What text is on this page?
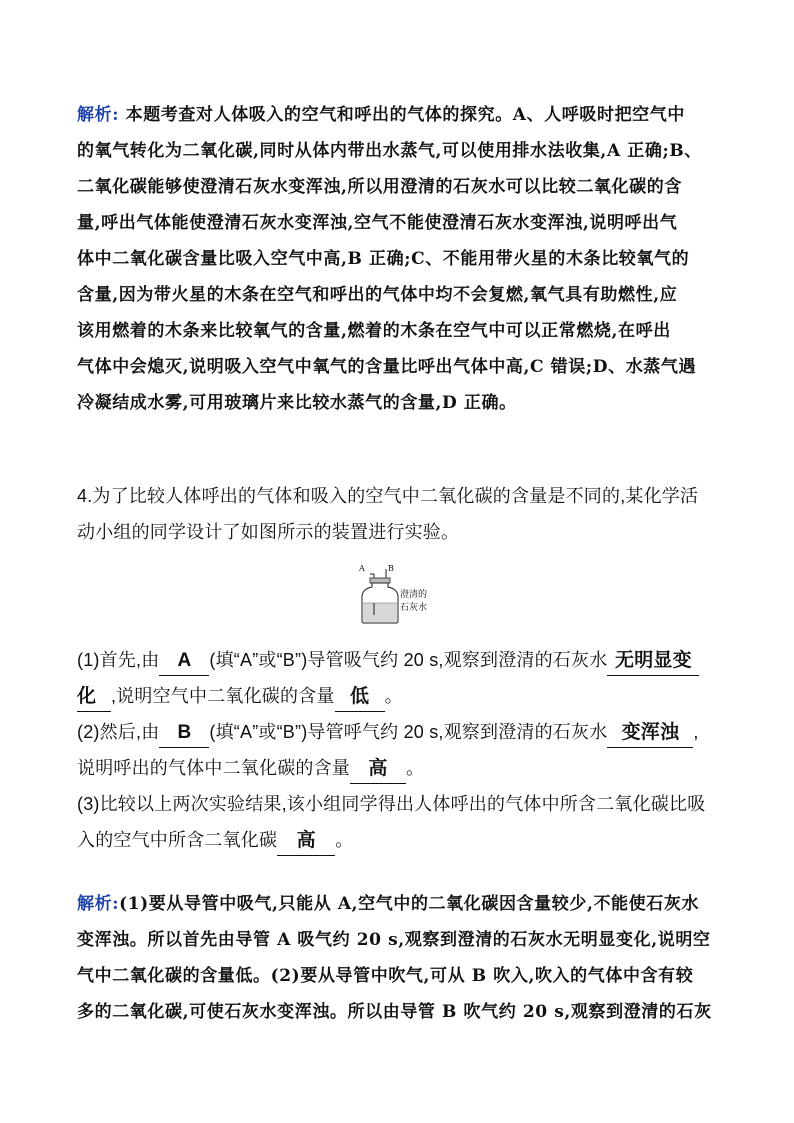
解析: 本题考查对人体吸入的空气和呼出的气体的探究。A、人呼吸时把空气中
的氧气转化为二氧化碳,同时从体内带出水蒸气,可以使用排水法收集,A 正确;B、
二氧化碳能够使澄清石灰水变浑浊,所以用澄清的石灰水可以比较二氧化碳的含
量,呼出气体能使澄清石灰水变浑浊,空气不能使澄清石灰水变浑浊,说明呼出气
体中二氧化碳含量比吸入空气中高,B 正确;C、不能用带火星的木条比较氧气的
含量,因为带火星的木条在空气和呼出的气体中均不会复燃,氧气具有助燃性,应
该用燃着的木条来比较氧气的含量,燃着的木条在空气中可以正常燃烧,在呼出
气体中会熄灭,说明吸入空气中氧气的含量比呼出气体中高,C 错误;D、水蒸气遇
冷凝结成水雾,可用玻璃片来比较水蒸气的含量,D 正确。
4.为了比较人体呼出的气体和吸入的空气中二氧化碳的含量是不同的,某化学活
动小组的同学设计了如图所示的装置进行实验。
A	B
澄清的
石灰水
(1)首先,由 A (填“A”或“B”)导管吸气约 20 s,观察到澄清的石灰水 无明显变
化 ,说明空气中二氧化碳的含量 低 。
(2)然后,由 B (填“A”或“B”)导管呼气约 20 s,观察到澄清的石灰水 变浑浊 ,
说明呼出的气体中二氧化碳的含量 高 。
(3)比较以上两次实验结果,该小组同学得出人体呼出的气体中所含二氧化碳比吸
入的空气中所含二氧化碳 高 。
解析:(1)要从导管中吸气,只能从 A,空气中的二氧化碳因含量较少,不能使石灰水
变浑浊。所以首先由导管 A 吸气约 20 s,观察到澄清的石灰水无明显变化,说明空
气中二氧化碳的含量低。(2)要从导管中吹气,可从 B 吹入,吹入的气体中含有较
多的二氧化碳,可使石灰水变浑浊。所以由导管 B 吹气约 20 s,观察到澄清的石灰
